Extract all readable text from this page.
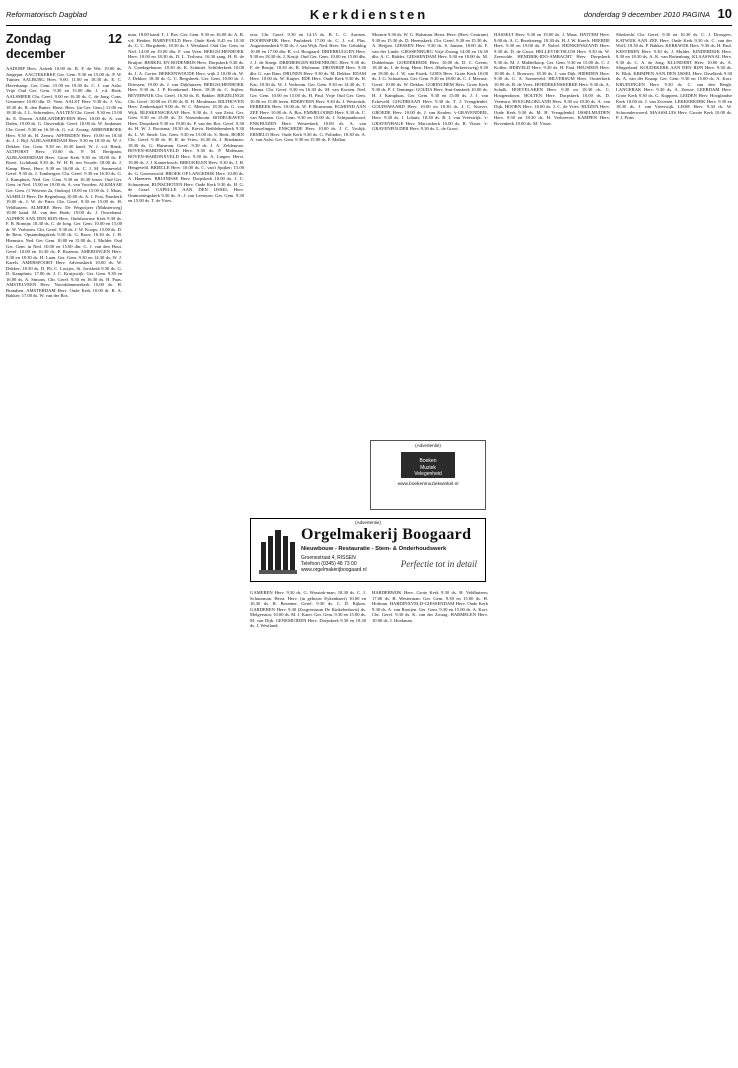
Reformatorisch Dagblad	Kerkdiensten	donderdag 9 december 2010 PAGINA 10
Zondag 12 december

AADORP Herv. Aalzeb 10.00 ds. R. F. de Wit; 19.00 ds. Jongejan. AAGTEKERKE Ger. Gem. 9.30 en 15.00 ds. P. W. Tuinier. AALBURG Herv. 9.00, 11.00 en 18.30 ds. E. C. Haverkamp. Ger. Gem. 15.00 en 19.30 ds. C. J. van Aalst. Vrije Oud Ger. Gem. 9.30 en 15.00 dhr. J. v.d. Beek. AALSMEER Chr. Geref. 9.00 en 16.30 ds. C. de Jong. Cons. Gemeente 10.00 dhr. D. Veen. AALST Herv. 9.30 ds. J. Vis; 18.30 ds. B. den Butter. Herst. Herv. (in Ger. Gem.) 11.00 en 18.30 ds. J. L. Schreuders. AALTEN Chr. Geref. 9.30 en 15.00 ds. E. Dorren. AARLANDERVEEN Herv. 10.00 ds. A. van Dalen, 19.00 ds. G. Ouwendijk. Geref. 10.00 ds. W. Jonkman. Chr. Geref. 9.30 en 16.30 ds. G. v.d. Zwaag. ABBENBROEK Herv. 9.30 ds. H. Zeeuw. AFFERDEN Herv. 10.00 en 18.30 ds. J. J. Bijl. ALBLASSERDAM Herv. 9.30 en 18.30 ds. W. J. Dekker. Ger. Gem. 9.30 en 16.30 kand. W. J. v.d. Brink. ALTFORST Herv. 10.00 ds. P. M. Berijpaan. ALBLASSERDAM Herv. Grote Kerk 9.30 en 18.00 ds. P. Roest. Lichtbaak 9.30 ds. W. H. B. ten Voorde; 18.00 ds. J. Kamp. Herst. Herv. 9.30 en 16.00 ds. C. J. M. Sonneveld. Geref. 9.30 ds. J. Tombergen. Chr. Geref. 9.30 en 16.30 ds. G. J. Kamphuis. Ned. Ger. Gem. 9.30 en 16.30 lezen. Oud Ger. Gem. in Ned. 15.00 en 19.00 ds. A. van Voorden. ALKMAAR Ger. Gem. (1 Weteren 2a, Oudorp) 10.00 en 15.00 ds. J. Maas. ALMELO Herv. De Regenboog 10.00 ds. A. J. Post, Paaskerk 19.00 ds. J. W. de Pater. Chr. Geref. 9.30 en 15.00 ds. H. Veldhuizen. ALMERE Herv. De Wegwijzer (Maksterweg) 10.00 kand. M. van den Hoek; 19.00 ds. J. Ouwehand. ALPHEN AAN DEN RIJN Herv. Oudshoornse Kerk 9.30 ds. F. B. Romijn; 18.30 ds. C. de Jong. Ger. Gem. 10.00 en 15.00 dr. W. Verboom. Chr. Geref. 9.30 ds. J. W. Koops; 15.00 ds. D. de Reus. Opstandingskerk 9.30 ds. G. Roos; 16.30 ds. J. H. Hiemstra. Ned. Ger. Gem. 10.00 en 15.00 ds. J. Mulder. Oud Ger. Gem. in Ned. 10.00 en 15.00 dhr. G. J. van den Hout. Geref. 10.00 en 16.30 ds. P. Rozema. AMERONGEN Herv. 9.30 en 18.30 ds. H. Laan. Ger. Gem. 9.30 en 14.30 ds. W. J. Karels. AMERSFOORT Herv. Adventskerk 10.00 ds. W. Dekker; 18.30 ds. D. Ph. C. Lootjes. St. Joriskerk 9.30 ds. G. D. Kamphuis; 17.00 ds. J. C. Kruijswijk. Ger. Gem. 9.30 en 16.00 ds. A. Simons. Chr. Geref. 9.30 en 16.30 ds. H. Paas. AMSTELVEEN Herv. Noorddammerkerk 10.00 ds. H. Brandsen. AMSTERDAM Herv. Oude Kerk 10.00 dr. R. A. Bakker; 17.00 ds. W. van der Ros.

man. 18.00 kand. T. J. Bos. Ger. Gem. 9.30 en 16.00 ds. A. B. v.d. Heiden. BARNEVELD Herv. Oude Kerk 8.45 en 10.30 ds. G. C. Bergsbeek; 18.30 ds. J. Westland. Oud Ger. Gem. in Ned. 14.00 en 19.00 dhr. F. van Veen. BERGSCHENHOEK Herv. 10.00 en 18.30 ds. D. L. Terlouw, 16.30 zang. H. R. de Bruijne. BERKEL EN RODENRIJS Herv. Dorpskerk 9.30 ds. A. Goedegebuure; 18.30 ds. K. Schuttel. Schilderkerk 10.00 ds. J. A. Gorter. BERKENWOUDE Herv. wijk 2 10.00 ds. W. J. Dekker; 18.30 ds. G. C. Bergsbeek. Ger. Gem. 10.00 ds. J. Driessen; 19.00 ds. J. van Dijkhuizen. BERGSCHENHOEK Herv. 9.30 ds. J. P. Kronkemel. Herst. 18.30 ds. C. Stijlen. BEVERWIJK Chr. Geref. 16.30 ds. R. Bakker. BIEZELINGE Chr. Geref. 10.00 en 15.00 ds. R. H. Meulenaar. BILTHOVEN Herv. Zonkerkapel 9.00 ds. W. C. Meester; 18.30 ds. G. van Wijk. BLESKENSGRAAF Herv. 9.30 ds. J. van Zeist. Ger. Gem. 9.30 en 15.00 ds. D. Nootenboom. BODEGRAVEN Herv. Dorpskerk 9.30 en 19.00 ds. P. van der Ros. Geref. 9.30 ds. H. W. J. Bootsma; 18.30 ds. Kievit. Bethlehemkerk 9.30 ds. L. W. Smelt. Ger. Gem. 9.30 en 15.00 ds. S. Beek. BORN Chr. Geref. 9.30 ds. H. R. de Vries; 16.30 ds. J. Brinkman; 18.30 ds. G. Huisman. Geref. 9.30 ds. J. A. Zeldenrust. BOVEN-HARDINXVELD Herv. 9.30 ds. P. Molenaar. BOVEN-HARDINXVELD Herv. 9.30 ds. A. Lingen. Herst. 19.00 ds. J. J. Kanterbosch. BREUKELEN Herv. 9.30 ds. J. H. Hengeveld. BRIELLE Herv. 10.00 ds. C. van't Spijker; 15.00 ds. G. Groenewold. BROEK OP LANGEDIJK Herv. 10.00 ds. A. Haemers. BRUINISSE Herv. Dorpskerk 10.00 ds. J. C. Schuurman. BUNSCHOTEN Herv. Oude Kerk 9.30 ds. H. G. de Graaf. CAPELLE AAN DEN IJSSEL Herv. Ontmoetingskerk 9.30 ds. A. J. van Leeuwen. Ger. Gem. 9.30 en 15.00 ds. T. de Vries.

otra. Chr. Geref. 9.30 en 14.15 ds. B. L. C. Aartsen. DOORNSPIJK Herv. Paulakerk 17.00 ds. C. J. v.d. Plas. Augustinuskerk 9.30 ds. J. van Wijk. Ned. Herv. Ver. Gelukkig 10.00 en 17.00 dhr. B. v.d. Boogaard. DRIEBRUGGEN Herv. 9.30 en 18.30 ds. J. Kruijt. Oud Ger. Gem. 10.00 en 15.00 dhr. J. J. de Knegt. DRIEBERGEN-RIJSENBURG Herv. 9.30 ds. F. de Bruijn; 18.30 ds. R. Molenaar. DRONRIJP Herv. 9.30 dhr. G. van Dam. DRUNEN Herv. 9.30 ds. M. Dekker. EDAM Herv. 10.00 ds. W. Kuiper. EDE Herv. Oude Kerk 9.30 ds. H. Kat; 18.30 ds. W. J. Verboom. Ger. Gem. 9.30 en 14.30 ds. T. Bokma. Chr. Geref. 9.30 en 16.30 ds. M. van Kooten. Ned. Ger. Gem. 10.00 en 15.00 ds. H. Paul. Vrije Oud Ger. Gem. 10.00 en 15.00 lezen. EDERVEEN Herv. 9.30 ds. J. Westerink. EERBEEK Herv. 10.00 ds. W. F. Bouwman. EGMOND AAN ZEE Herv. 10.00 ds. A. Bos. EMMELOORD Herv. 9.30 ds. C. van Maanen. Ger. Gem. 9.30 en 15.00 ds. J. Schipaanboord. ENKHUIZEN Herv. Westerkerk 10.00 ds. A. van Houwelingen. ENSCHEDE Herv. 10.00 ds. J. C. Vrolijk. ERMELO Herv. Oude Kerk 9.30 ds. G. Polinder; 18.30 ds. A. A. van Aalst. Ger. Gem. 9.30 en 15.00 ds. F. Mallan.

Mormie 9.30 ds. W. G. Hulsman. Herst. Herv. (Herv. Centrum) 9.30 en 15.30 ds. D. Heemskerk. Chr. Geref. 9.30 en 15.30 ds. A. Heijjen. GIESSEN Herv. 9.30 ds. S. Jansen; 18.00 ds. F. van der Linde. GIESSENBURG Vrije Zwang 14.00 en 16.30 dhr. A. C. Ridder. GIESSENDAM Herv. 9.30 en 18.00 ds. M. Dubbelman. GOEDEREEDE Herv. 10.00 ds. D. C. Geens; 18.30 ds. J. de Jong. Herst. Herv. (Badweg/Verkeersweg) 9.30 en 18.00 ds. J. W. van Estrik. GOES Herv. Grote Kerk 10.00 ds. J. G. Schaafsma. Ger. Gem. 9.30 en 18.00 ds. C. J. Meeuse. Geref. 10.00 ds. W. Dekker. GORINCHEM Herv. Grote Kerk 9.30 ds. P. J. Tenninge. GOUDA Herv. Sint-Janskerk 10.00 ds. H. J. Kamphuis. Ger. Gem. 9.30 en 15.00 ds. J. J. van Eckeveld. GOUDRIAAN Herv. 9.30 ds. T. J. Vreugdenhil. GOUDSWAARD Herv. 10.00 en 18.30 ds. J. C. Kurver. GROEDE Herv. 10.00 ds. J. van Keulen. 's-GRAVENDEEL Herv. 9.30 ds. J. Lohuis; 18.30 ds. B. J. van Vreeswijk. 's-GRAVENHAGE Herv. Marcuskerk 10.00 ds. R. Visser. 's-GRAVENPOLDER Herv. 9.30 ds. L. de Groot.

HASSELT Herv. 9.30 en 19.00 ds. J. Maas. HATTEM Herv. 9.00 ds. A. C. Broeksteeg; 18.30 ds. H. J. W. Karels. HEERDE Herv. 9.30 en 19.00 ds. P. Nobel. HEINKENSZAND Herv. 9.30 ds. D. de Groot. HELLEVOETSLUIS Herv. 9.30 ds. W. Zeewolde. HENDRIK-IDO-AMBACHT Herv. Dorpskerk 9.30 ds. M. J. Middelkoop. Ger. Gem. 9.30 en 15.00 ds. C. J. Kollen. HERVELD Herv. 9.30 ds. H. Paul. HEUSDEN Herv. 10.00 ds. J. Brouwer; 18.30 ds. J. van Dijk. HIERDEN Herv. 9.30 ds. C. A. Sonneveld. HILVERSUM Herv. Oosterkerk 10.00 ds. B. de Vries. HOEDEKENSKERKE Herv. 9.30 ds. A. Schalk. HOEVELAKEN Herv. 9.30 en 18.30 ds. C. Hoogendoorn. HOLTEN Herv. Dorpskerk 10.00 ds. D. Veenstra. HOOGBLOKLAND Herv. 9.30 en 18.30 ds. A. van Dijk. HOORN Herv. 10.00 ds. J. C. de Vries. HUIZEN Herv. Oude Kerk 9.30 ds. M. H. Vreugdenhil. IJSSELMUIDEN Herv. 9.30 en 18.30 ds. H. Verhoeven. KAMPEN Herv. Bovenkerk 10.00 ds. M. Visser.

Sliedrecht Chr. Geref. 9.30 en 16.30 ds. C. J. Droogers. KATWIJK AAN ZEE Herv. Oude Kerk 9.30 ds. C. van der Wolf; 18.30 ds. P. Bakker. KERKWIJK Herv. 9.30 ds. H. Paul. KESTEREN Herv. 9.30 ds. J. Mulder. KINDERDIJK Herv. 9.30 en 18.30 ds. A. K. van Ruitenburg. KLAASWAAL Herv. 9.30 ds. C. A. de Jong. KLUNDERT Herv. 10.00 ds. A. Slingerland. KOUDEKERK AAN DEN RIJN Herv. 9.30 ds. K. Blok. KRIMPEN AAN DEN IJSSEL Herv. IJsselkerk 9.30 ds. A. van der Knaap. Ger. Gem. 9.30 en 15.00 ds. A. Kort. KRUININGEN Herv. 9.30 ds. C. van den Bergh. LANGERAK Herv. 9.30 ds. A. Zeeuw. LEERDAM Herv. Grote Kerk 9.30 ds. G. Kuppens. LEIDEN Herv. Hooglandse Kerk 10.00 ds. J. van Zwieten. LEKKERKERK Herv. 9.30 en 18.30 ds. J. van Vreeswijk. LISSE Herv. 9.30 ds. W. Schoonderwoerd. MAASSLUIS Herv. Groote Kerk 10.00 ds. P. J. Prins.

GAMEREN Herv. 9.30 ds. G. Wassink-man; 18.30 ds. C. J. Schuurman. Herst. Herv. (in gebouw Eykenhaert) 10.00 en 16.30 ds. R. Bezemer. Geref. 9.30 ds. C. D. Rijken. GARDEREN Herv. 9.30 (Zorgcentrum De Kinkelenhorst) ds. Melgersma; 10.00 ds. M. J. Kater. Ger. Gem. 9.30 en 15.00 ds. M. van Dijk. GENEMUIDEN Herv. Dorpskerk 9.30 en 18.30 ds. J. Westland.

HARDERWIJK Herv. Grote Kerk 9.30 ds. H. Veldhuizen; 17.00 ds. B. Westerman. Ger. Gem. 9.30 en 15.00 ds. H. Hofman. HARDINXVELD-GIESSENDAM Herv. Oude Kerk 9.30 ds. A. van Rooijen. Ger. Gem. 9.30 en 15.00 ds. A. Kort. Chr. Geref. 9.30 ds. K. van der Zwaag. HARMELEN Herv. 10.00 ds. J. Hoekman.

(Advertentie)
Boeken
Muziek
Velegenheid
www.boekenmuziekwinkel.nl
(Advertentie)
Orgelmakerij Boogaard
Nieuwbouw - Restauratie - Stem- & Onderhoudswerk
Groenestraat 4, RISSEN
Telefoon (0345) 48 73 00
www.orgelmakerijboogaard.nl
Perfectie tot in detail
